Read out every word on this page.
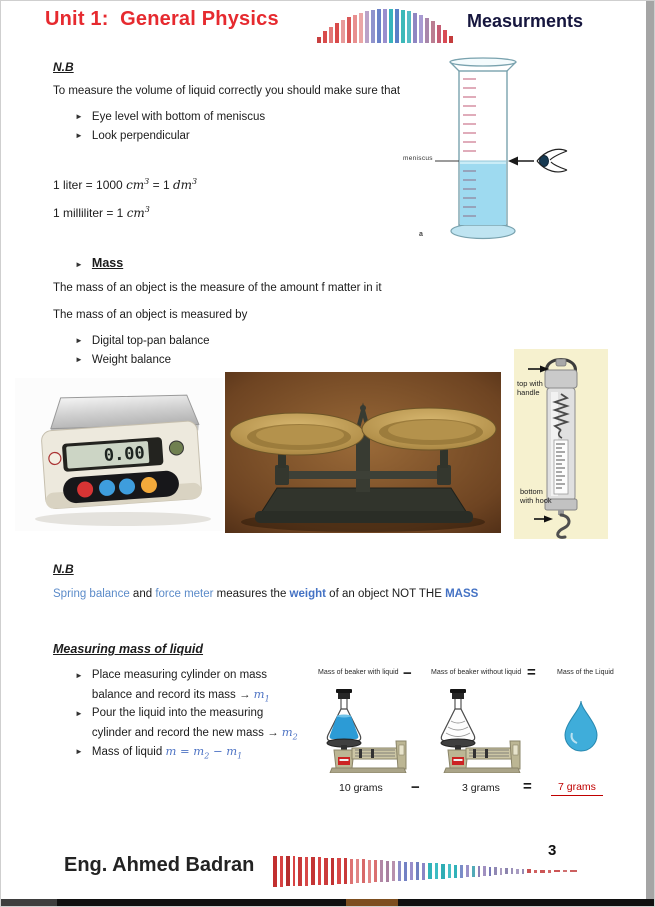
Unit 1:  General Physics	Measurments
N.B
To measure the volume of liquid correctly you should make sure that
► Eye level with bottom of meniscus
► Look perpendicular
meniscus
a
1 liter = 1000 $cm^3 = 1$ $dm^3$
1 milliliter = 1 $cm^3$
► Mass
The mass of an object is the measure of the amount f matter in it
The mass of an object is measured by
► Digital top-pan balance
► Weight balance
0.00
top with handle
bottom with hook
N.B
Spring balance and force meter measures the weight of an object NOT THE MASS
Measuring mass of liquid
► Place measuring cylinder on mass
balance and record its mass → $m_1$
► Pour the liquid into the measuring
cylinder and record the new mass → $m_2$
► Mass of liquid $m = m_2 - m_1$
Mass of beaker with liquid −	Mass of beaker without liquid =	Mass of the Liquid
10 grams −	3 grams =	7 grams
Eng. Ahmed Badran
3
